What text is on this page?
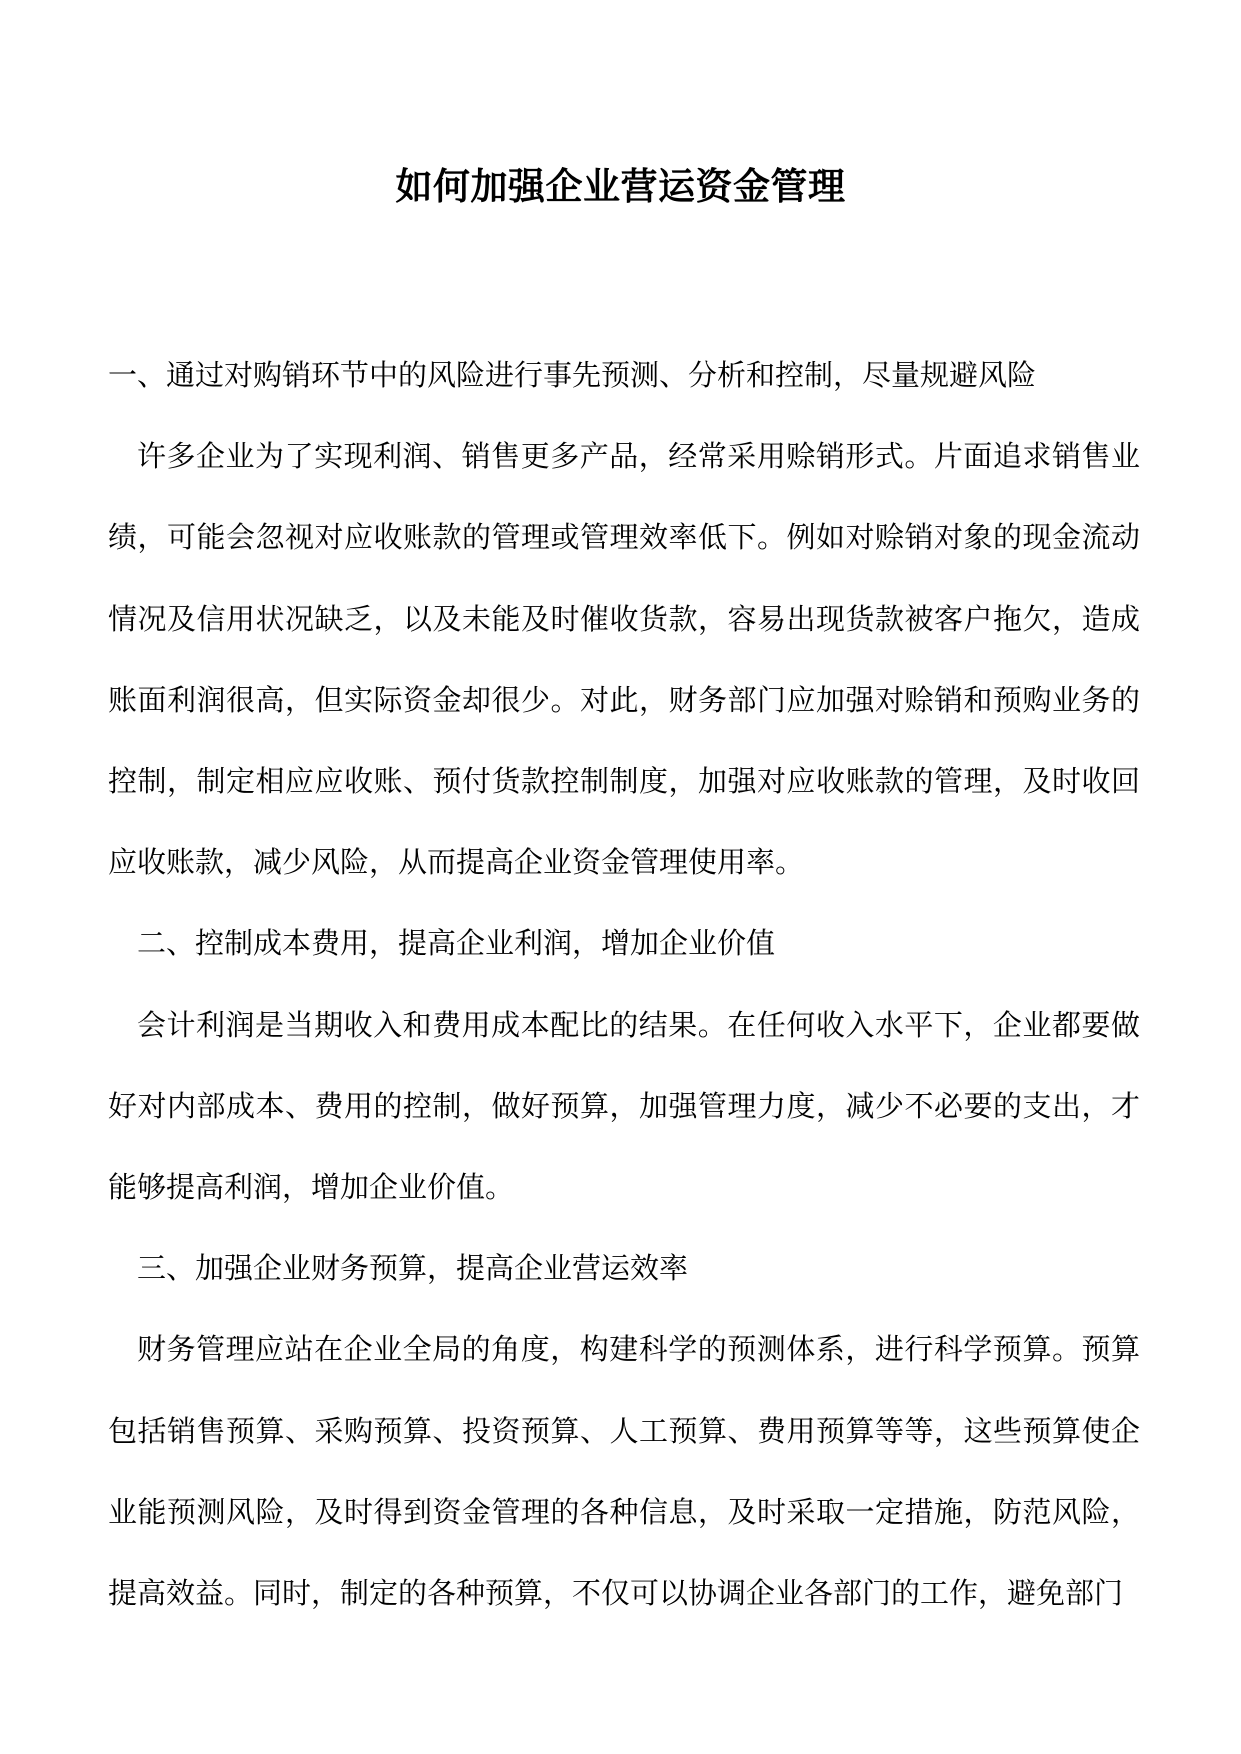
如何加强企业营运资金管理

一、通过对购销环节中的风险进行事先预测、分析和控制，尽量规避风险

许多企业为了实现利润、销售更多产品，经常采用赊销形式。片面追求销售业绩，可能会忽视对应收账款的管理或管理效率低下。例如对赊销对象的现金流动情况及信用状况缺乏，以及未能及时催收货款，容易出现货款被客户拖欠，造成账面利润很高，但实际资金却很少。对此，财务部门应加强对赊销和预购业务的控制，制定相应应收账、预付货款控制制度，加强对应收账款的管理，及时收回应收账款，减少风险，从而提高企业资金管理使用率。

二、控制成本费用，提高企业利润，增加企业价值

会计利润是当期收入和费用成本配比的结果。在任何收入水平下，企业都要做好对内部成本、费用的控制，做好预算，加强管理力度，减少不必要的支出，才能够提高利润，增加企业价值。

三、加强企业财务预算，提高企业营运效率

财务管理应站在企业全局的角度，构建科学的预测体系，进行科学预算。预算包括销售预算、采购预算、投资预算、人工预算、费用预算等等，这些预算使企业能预测风险，及时得到资金管理的各种信息，及时采取一定措施，防范风险，提高效益。同时，制定的各种预算，不仅可以协调企业各部门的工作，避免部门
